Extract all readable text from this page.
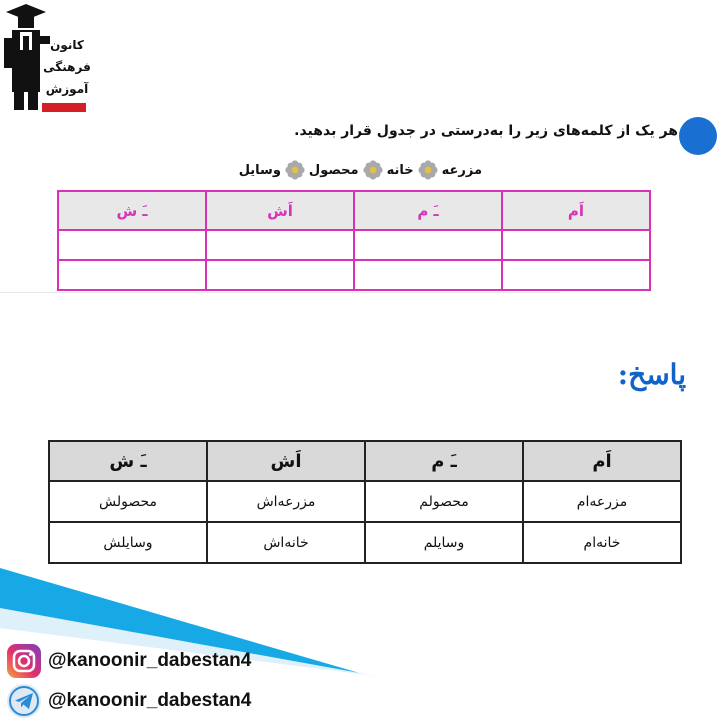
کانون
فرهنگی
آموزش
هر یک از کلمه‌های زیر را به‌درستی در جدول قرار بدهید.
مزرعه
خانه
محصول
وسایل
اَم	ـَ م	اَش	ـَ ش

پاسخ:
اَم	ـَ م	اَش	ـَ ش
مزرعه‌ام	محصولم	مزرعه‌اش	محصولش
خانه‌ام	وسایلم	خانه‌اش	وسایلش
@kanoonir_dabestan4
@kanoonir_dabestan4
